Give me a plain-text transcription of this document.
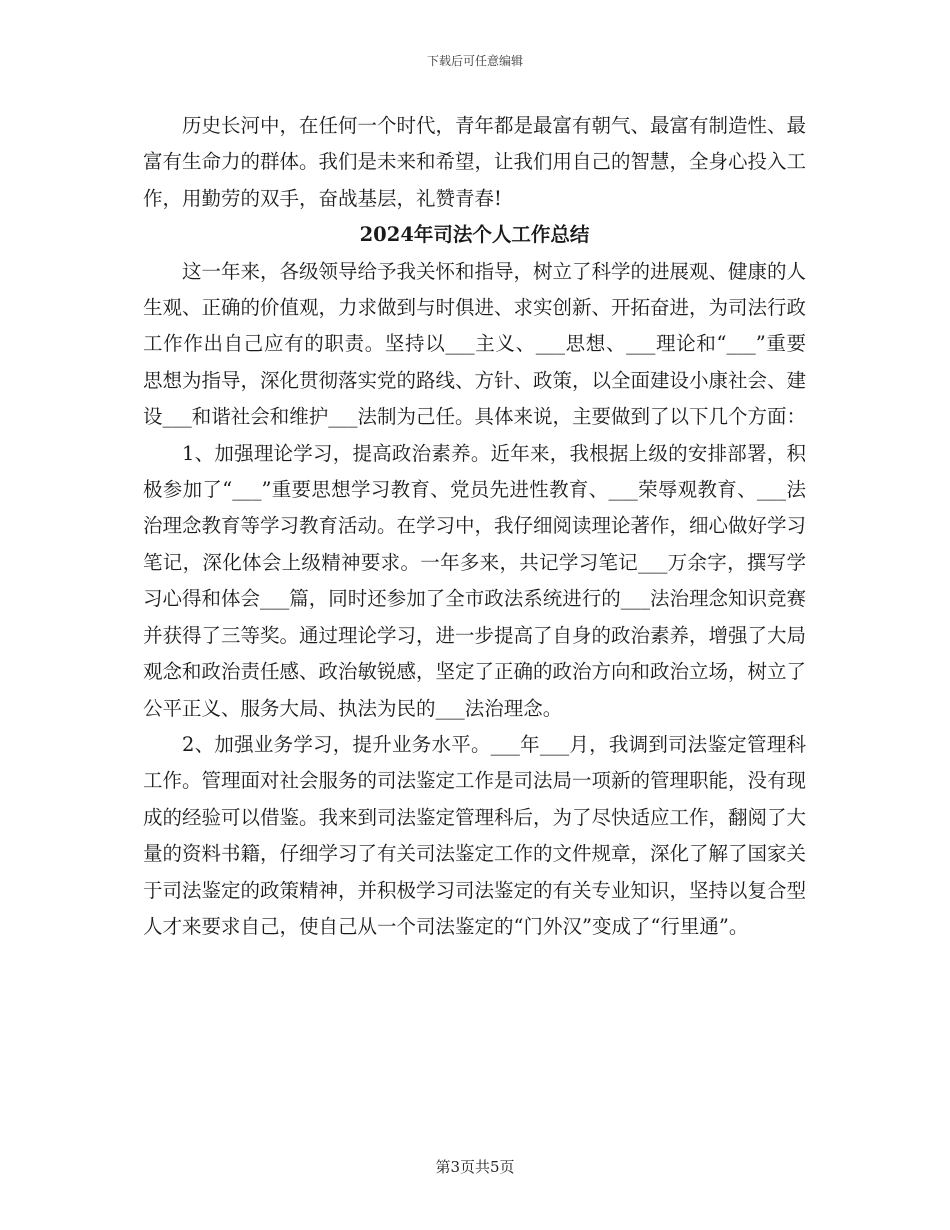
下载后可任意编辑

历史长河中，在任何一个时代，青年都是最富有朝气、最富有制造性、最富有生命力的群体。我们是未来和希望，让我们用自己的智慧，全身心投入工作，用勤劳的双手，奋战基层，礼赞青春!

2024年司法个人工作总结

这一年来，各级领导给予我关怀和指导，树立了科学的进展观、健康的人生观、正确的价值观，力求做到与时俱进、求实创新、开拓奋进，为司法行政工作作出自己应有的职责。坚持以___主义、___思想、___理论和“___”重要思想为指导，深化贯彻落实党的路线、方针、政策，以全面建设小康社会、建设___和谐社会和维护___法制为己任。具体来说，主要做到了以下几个方面：

1、加强理论学习，提高政治素养。近年来，我根据上级的安排部署，积极参加了“___”重要思想学习教育、党员先进性教育、___荣辱观教育、___法治理念教育等学习教育活动。在学习中，我仔细阅读理论著作，细心做好学习笔记，深化体会上级精神要求。一年多来，共记学习笔记___万余字，撰写学习心得和体会___篇，同时还参加了全市政法系统进行的___法治理念知识竞赛并获得了三等奖。通过理论学习，进一步提高了自身的政治素养，增强了大局观念和政治责任感、政治敏锐感，坚定了正确的政治方向和政治立场，树立了公平正义、服务大局、执法为民的___法治理念。

2、加强业务学习，提升业务水平。___年___月，我调到司法鉴定管理科工作。管理面对社会服务的司法鉴定工作是司法局一项新的管理职能，没有现成的经验可以借鉴。我来到司法鉴定管理科后，为了尽快适应工作，翻阅了大量的资料书籍，仔细学习了有关司法鉴定工作的文件规章，深化了解了国家关于司法鉴定的政策精神，并积极学习司法鉴定的有关专业知识，坚持以复合型人才来要求自己，使自己从一个司法鉴定的“门外汉”变成了“行里通”。

第3页共5页
